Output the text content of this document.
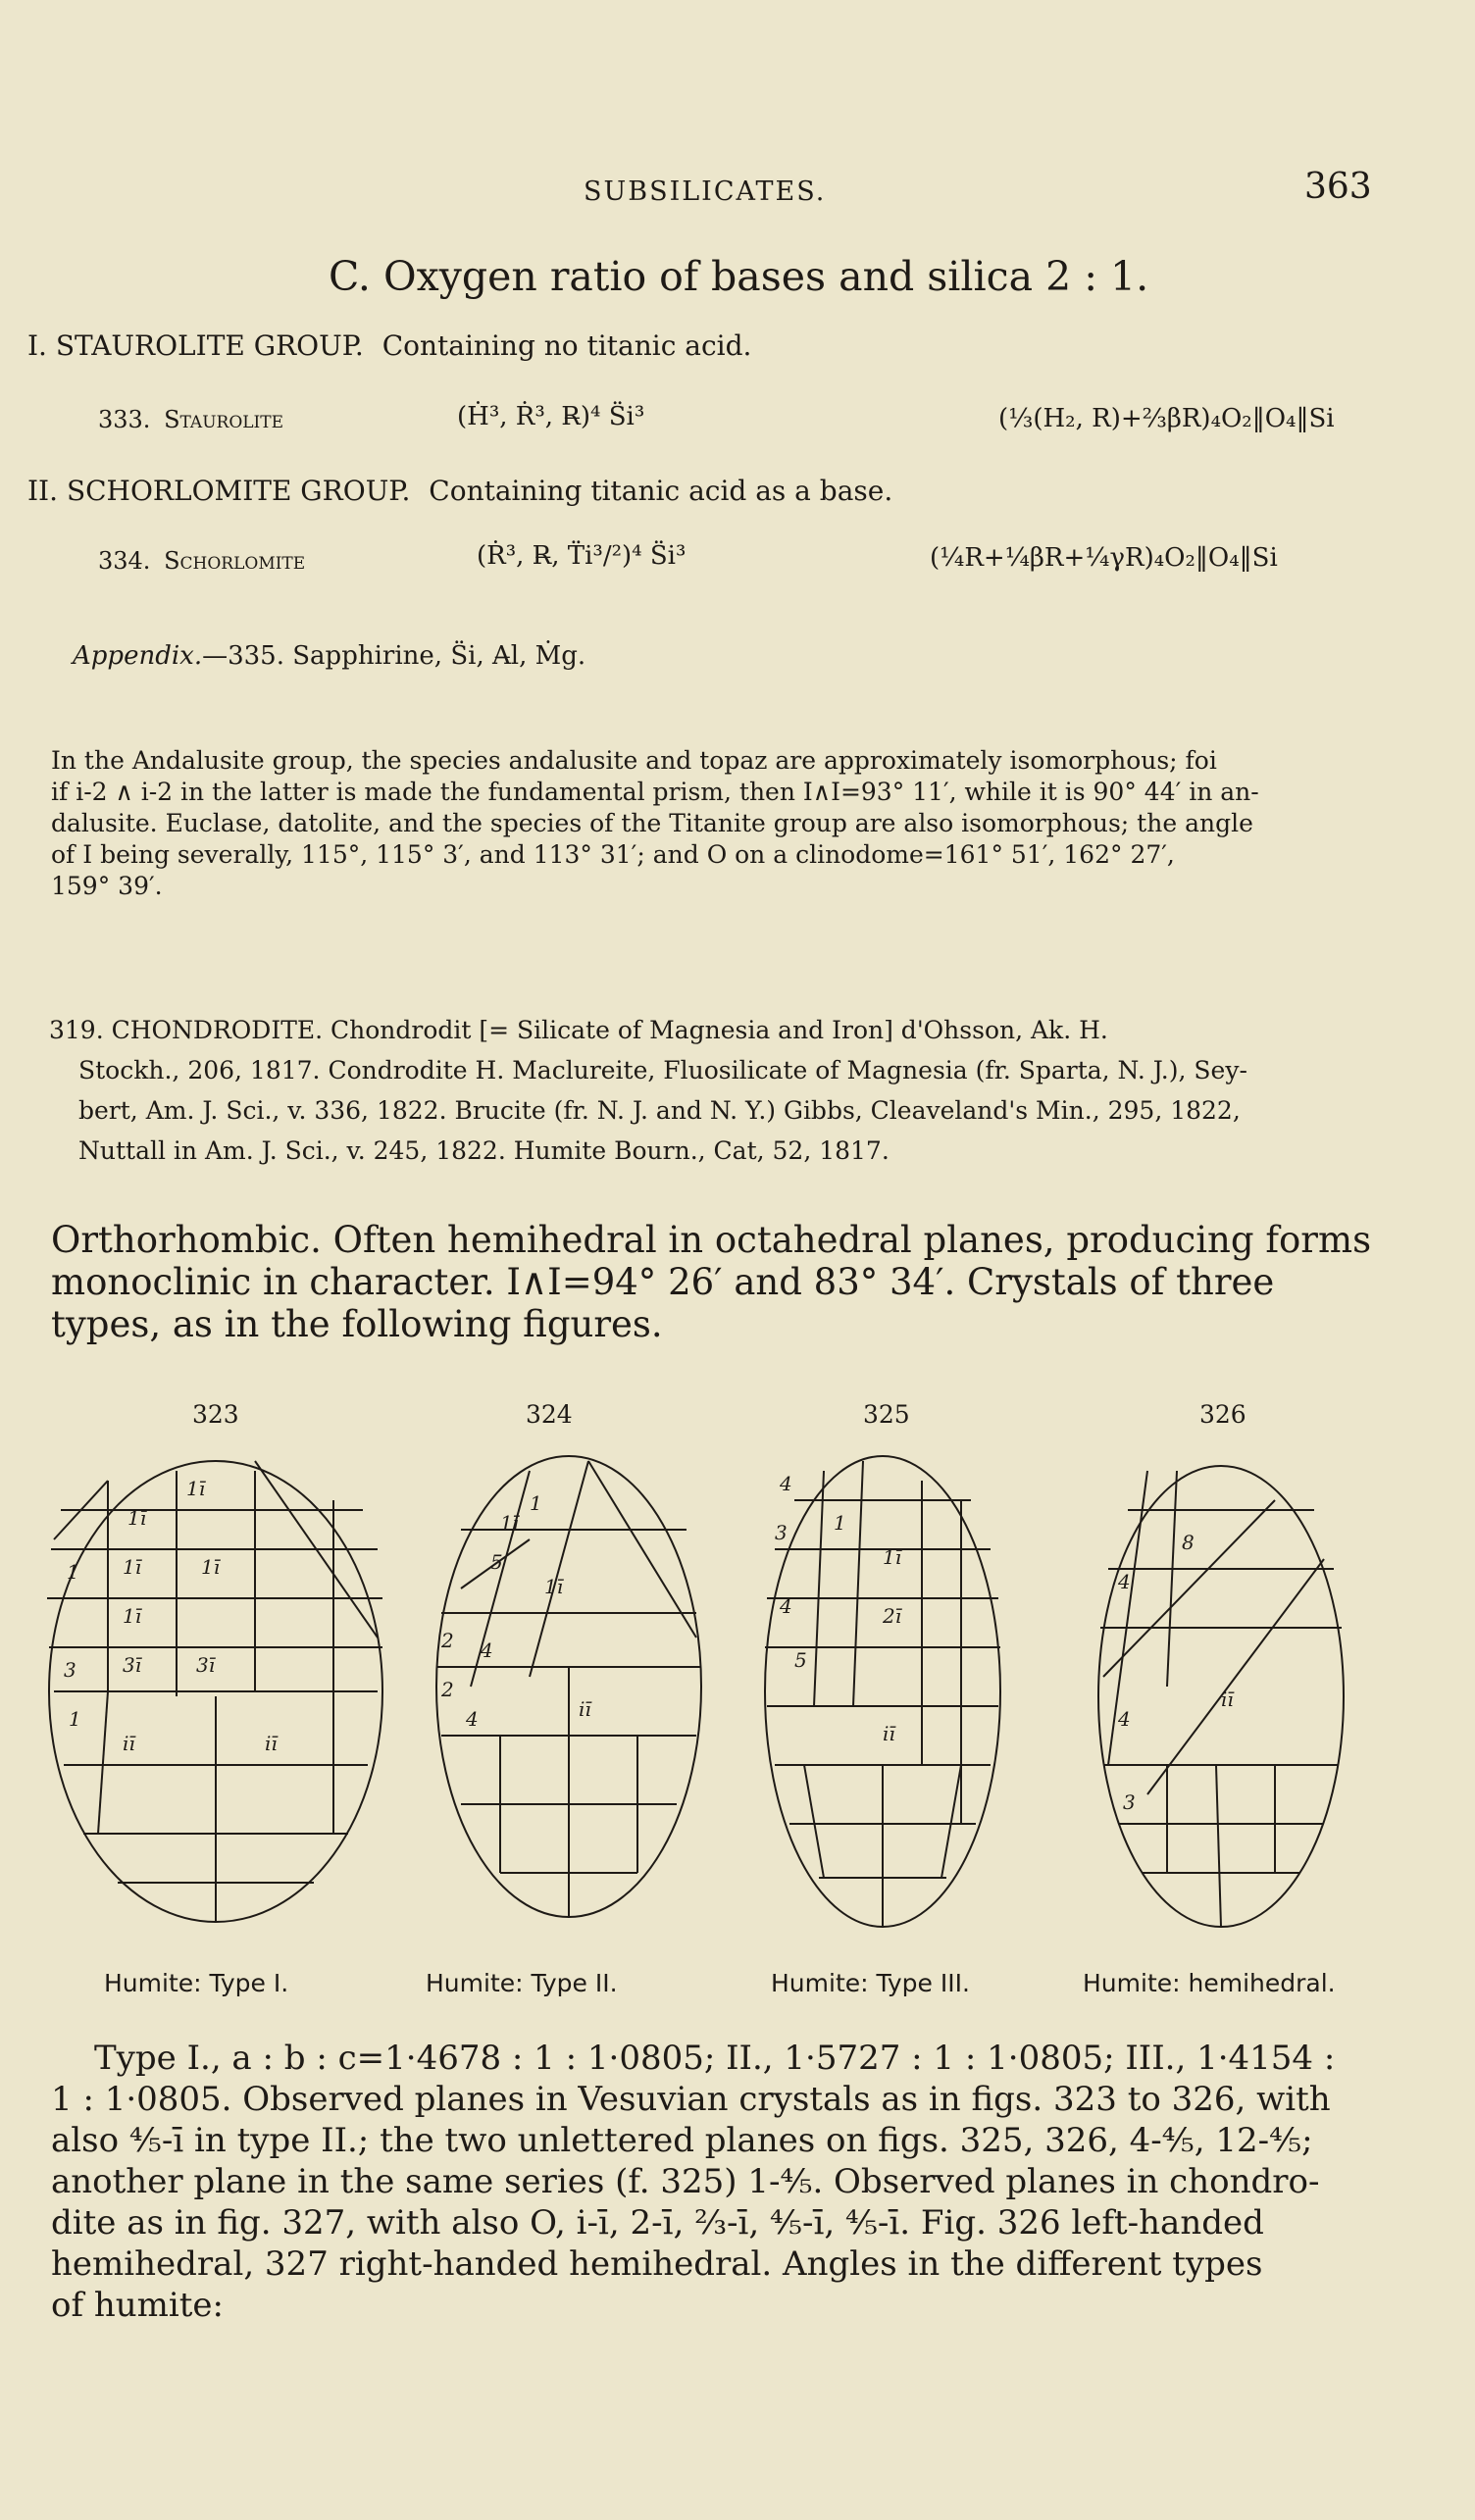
SUBSILICATES.	363
C. Oxygen ratio of bases and silica 2 : 1.
I. STAUROLITE GROUP. Containing no titanic acid.
333. Staurolite	(Ḣ³, Ṙ³, R̶)⁴ S̈i³	(⅓(H₂, R)+⅔βR)₄O₂‖O₄‖Si
II. SCHORLOMITE GROUP. Containing titanic acid as a base.
334. Schorlomite	(Ṙ³, R̶, T̈i³/²)⁴ S̈i³	(¼R+¼βR+¼γR)₄O₂‖O₄‖Si
Appendix.—335. Sapphirine, S̈i, A̶l, Ṁg.

In the Andalusite group, the species andalusite and topaz are approximately isomorphous; foi

if i-2 ∧ i-2 in the latter is made the fundamental prism, then I∧I=93° 11′, while it is 90° 44′ in an-

dalusite. Euclase, datolite, and the species of the Titanite group are also isomorphous; the angle

of I being severally, 115°, 115° 3′, and 113° 31′; and O on a clinodome=161° 51′, 162° 27′,

159° 39′.

319. CHONDRODITE. Chondrodit [= Silicate of Magnesia and Iron] d'Ohsson, Ak. H.

Stockh., 206, 1817. Condrodite H. Maclureite, Fluosilicate of Magnesia (fr. Sparta, N. J.), Sey-

bert, Am. J. Sci., v. 336, 1822. Brucite (fr. N. J. and N. Y.) Gibbs, Cleaveland's Min., 295, 1822,

Nuttall in Am. J. Sci., v. 245, 1822. Humite Bourn., Cat, 52, 1817.

Orthorhombic. Often hemihedral in octahedral planes, producing forms

monoclinic in character. I∧I=94° 26′ and 83° 34′. Crystals of three

types, as in the following figures.

323	324	325	326
1ī	1ī
1
3ī
1ī
3ī
1ī
1ī
iī	iī
3
1
1ī
2
4
5
4
iī
1ī
2
1
4
3
4
5
iī
2ī
1ī
1
iī
4
8
4
3
Humite: Type I.	Humite: Type II.	Humite: Type III.	Humite: hemihedral.

Type I., a : b : c=1·4678 : 1 : 1·0805; II., 1·5727 : 1 : 1·0805; III., 1·4154 :

1 : 1·0805. Observed planes in Vesuvian crystals as in figs. 323 to 326, with

also ⅘-ī in type II.; the two unlettered planes on figs. 325, 326, 4-⅘, 12-⅘;

another plane in the same series (f. 325) 1-⅘. Observed planes in chondro-

dite as in fig. 327, with also O, i-ī, 2-ī, ⅔-ī, ⅘-ī, ⅘-ī. Fig. 326 left-handed

hemihedral, 327 right-handed hemihedral. Angles in the different types

of humite:
